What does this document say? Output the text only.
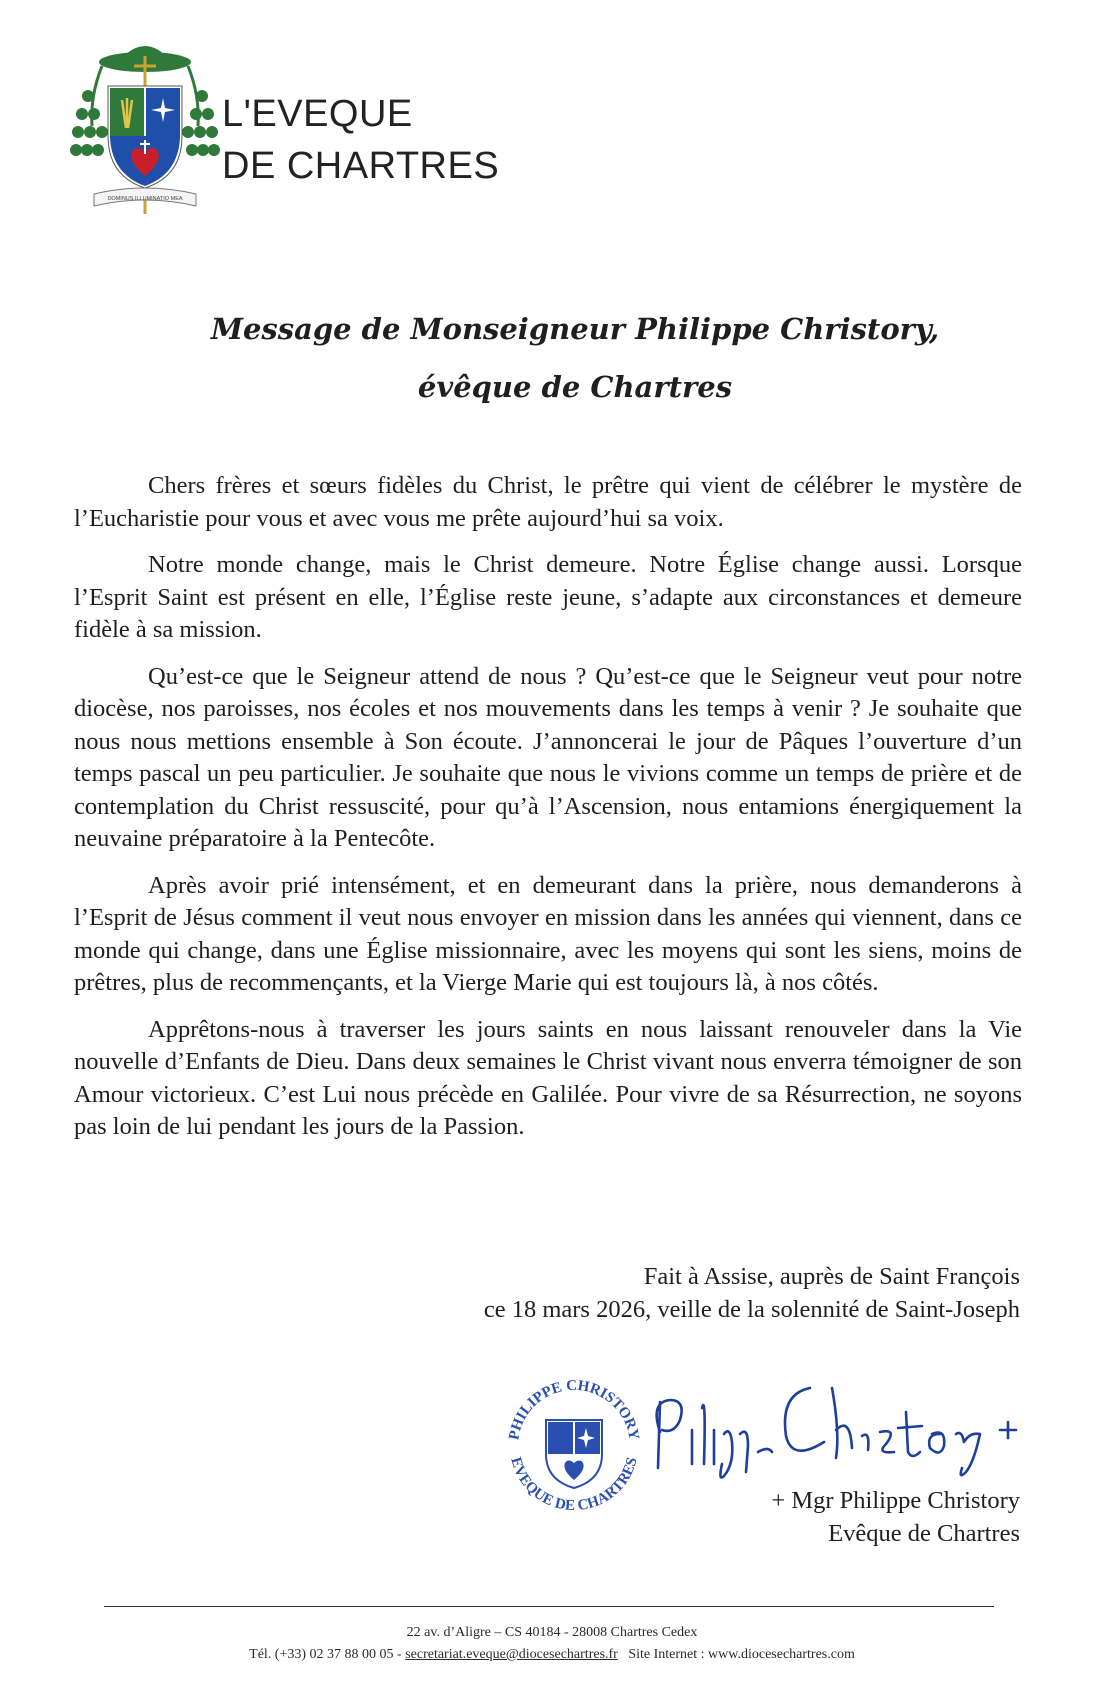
DOMINUS ILLUMINATIO MEA
L'EVEQUE
DE CHARTRES
Message de Monseigneur Philippe Christory,
évêque de Chartres

Chers frères et sœurs fidèles du Christ, le prêtre qui vient de célébrer le mystère de l’Eucharistie pour vous et avec vous me prête aujourd’hui sa voix.

Notre monde change, mais le Christ demeure. Notre Église change aussi. Lorsque l’Esprit Saint est présent en elle, l’Église reste jeune, s’adapte aux circonstances et demeure fidèle à sa mission.

Qu’est-ce que le Seigneur attend de nous ? Qu’est-ce que le Seigneur veut pour notre diocèse, nos paroisses, nos écoles et nos mouvements dans les temps à venir ? Je souhaite que nous nous mettions ensemble à Son écoute. J’annoncerai le jour de Pâques l’ouverture d’un temps pascal un peu particulier. Je souhaite que nous le vivions comme un temps de prière et de contemplation du Christ ressuscité, pour qu’à l’Ascension, nous entamions énergiquement la neuvaine préparatoire à la Pentecôte.

Après avoir prié intensément, et en demeurant dans la prière, nous demanderons à l’Esprit de Jésus comment il veut nous envoyer en mission dans les années qui viennent, dans ce monde qui change, dans une Église missionnaire, avec les moyens qui sont les siens, moins de prêtres, plus de recommençants, et la Vierge Marie qui est toujours là, à nos côtés.

Apprêtons-nous à traverser les jours saints en nous laissant renouveler dans la Vie nouvelle d’Enfants de Dieu. Dans deux semaines le Christ vivant nous enverra témoigner de son Amour victorieux. C’est Lui nous précède en Galilée. Pour vivre de sa Résurrection, ne soyons pas loin de lui pendant les jours de la Passion.

Fait à Assise, auprès de Saint François
ce 18 mars 2026, veille de la solennité de Saint-Joseph
PHILIPPE CHRISTORY
EVEQUE DE CHARTRES
Philippe Christory +
+ Mgr Philippe Christory
Evêque de Chartres
22 av. d’Aligre – CS 40184 - 28008 Chartres Cedex
Tél. (+33) 02 37 88 00 05 - secretariat.eveque@diocesechartres.fr Site Internet : www.diocesechartres.com
